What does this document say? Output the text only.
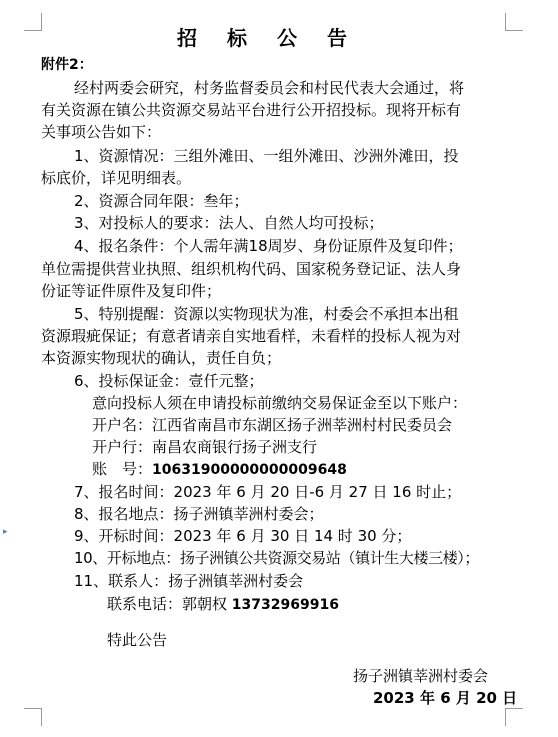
▸
招标公告
附件2：
经村两委会研究，村务监督委员会和村民代表大会通过，将
有关资源在镇公共资源交易站平台进行公开招投标。现将开标有
关事项公告如下：
1、资源情况：三组外滩田、一组外滩田、沙洲外滩田，投
标底价，详见明细表。
2、资源合同年限：叁年；
3、对投标人的要求：法人、自然人均可投标；
4、报名条件：个人需年满18周岁、身份证原件及复印件；
单位需提供营业执照、组织机构代码、国家税务登记证、法人身
份证等证件原件及复印件；
5、特别提醒：资源以实物现状为准，村委会不承担本出租
资源瑕疵保证；有意者请亲自实地看样，未看样的投标人视为对
本资源实物现状的确认，责任自负；
6、投标保证金：壹仟元整；
意向投标人须在申请投标前缴纳交易保证金至以下账户：
开户名：江西省南昌市东湖区扬子洲莘洲村村民委员会
开户行：南昌农商银行扬子洲支行
账　号：10631900000000009648
7、报名时间：2023 年 6 月 20 日-6 月 27 日 16 时止；
8、报名地点：扬子洲镇莘洲村委会；
9、开标时间：2023 年 6 月 30 日 14 时 30 分；
10、开标地点：扬子洲镇公共资源交易站（镇计生大楼三楼）；
11、联系人：扬子洲镇莘洲村委会
联系电话：郭朝权 13732969916
特此公告
扬子洲镇莘洲村委会
2023 年 6 月 20 日
